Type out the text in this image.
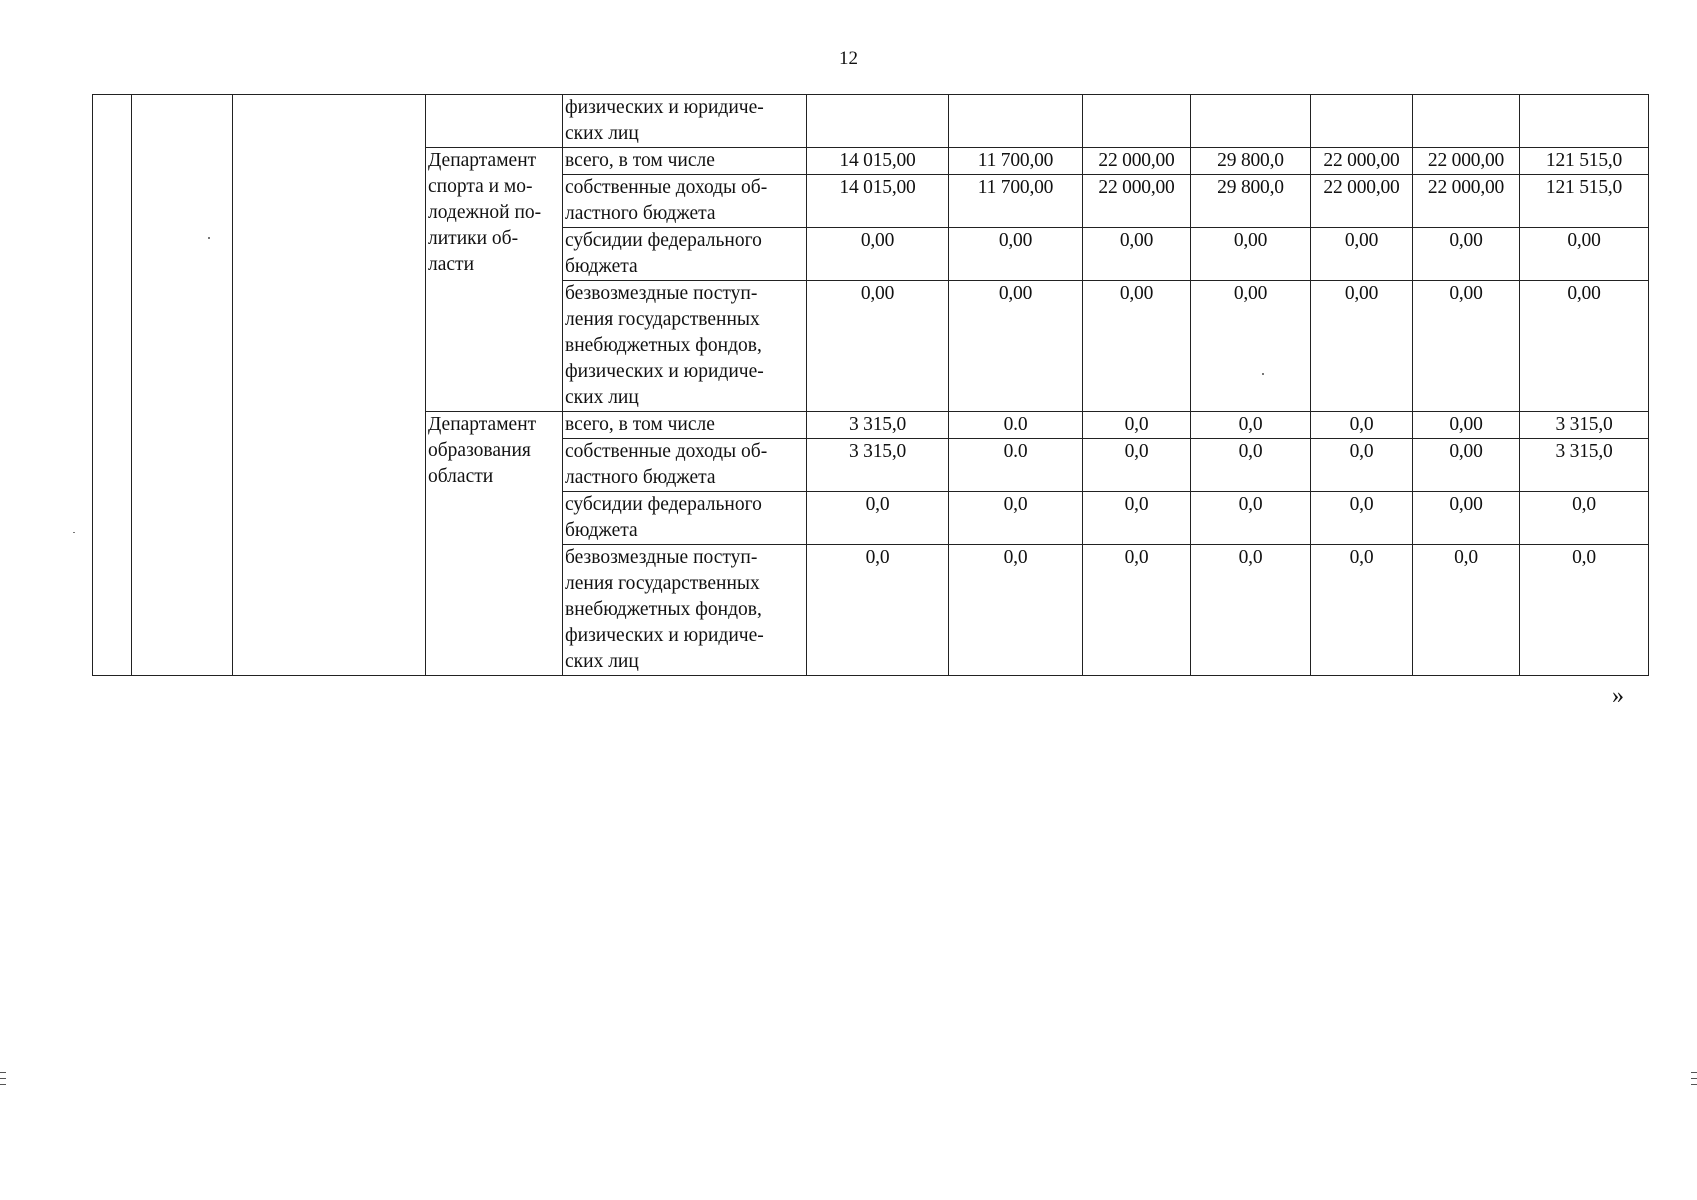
12
				физических и юридиче-
ских лиц							
			Департамент
спорта и мо-
лодежной по-
литики об-
ласти	всего, в том числе	14 015,00	11 700,00	22 000,00	29 800,0	22 000,00	22 000,00	121 515,0
				собственные доходы об-
ластного бюджета	14 015,00	11 700,00	22 000,00	29 800,0	22 000,00	22 000,00	121 515,0
				субсидии федерального
бюджета	0,00	0,00	0,00	0,00	0,00	0,00	0,00
				безвозмездные поступ-
ления государственных
внебюджетных фондов,
физических и юридиче-
ских лиц	0,00	0,00	0,00	0,00	0,00	0,00	0,00
			Департамент
образования
области	всего, в том числе	3 315,0	0.0	0,0	0,0	0,0	0,00	3 315,0
				собственные доходы об-
ластного бюджета	3 315,0	0.0	0,0	0,0	0,0	0,00	3 315,0
				субсидии федерального
бюджета	0,0	0,0	0,0	0,0	0,0	0,00	0,0
				безвозмездные поступ-
ления государственных
внебюджетных фондов,
физических и юридиче-
ских лиц	0,0	0,0	0,0	0,0	0,0	0,0	0,0
»
